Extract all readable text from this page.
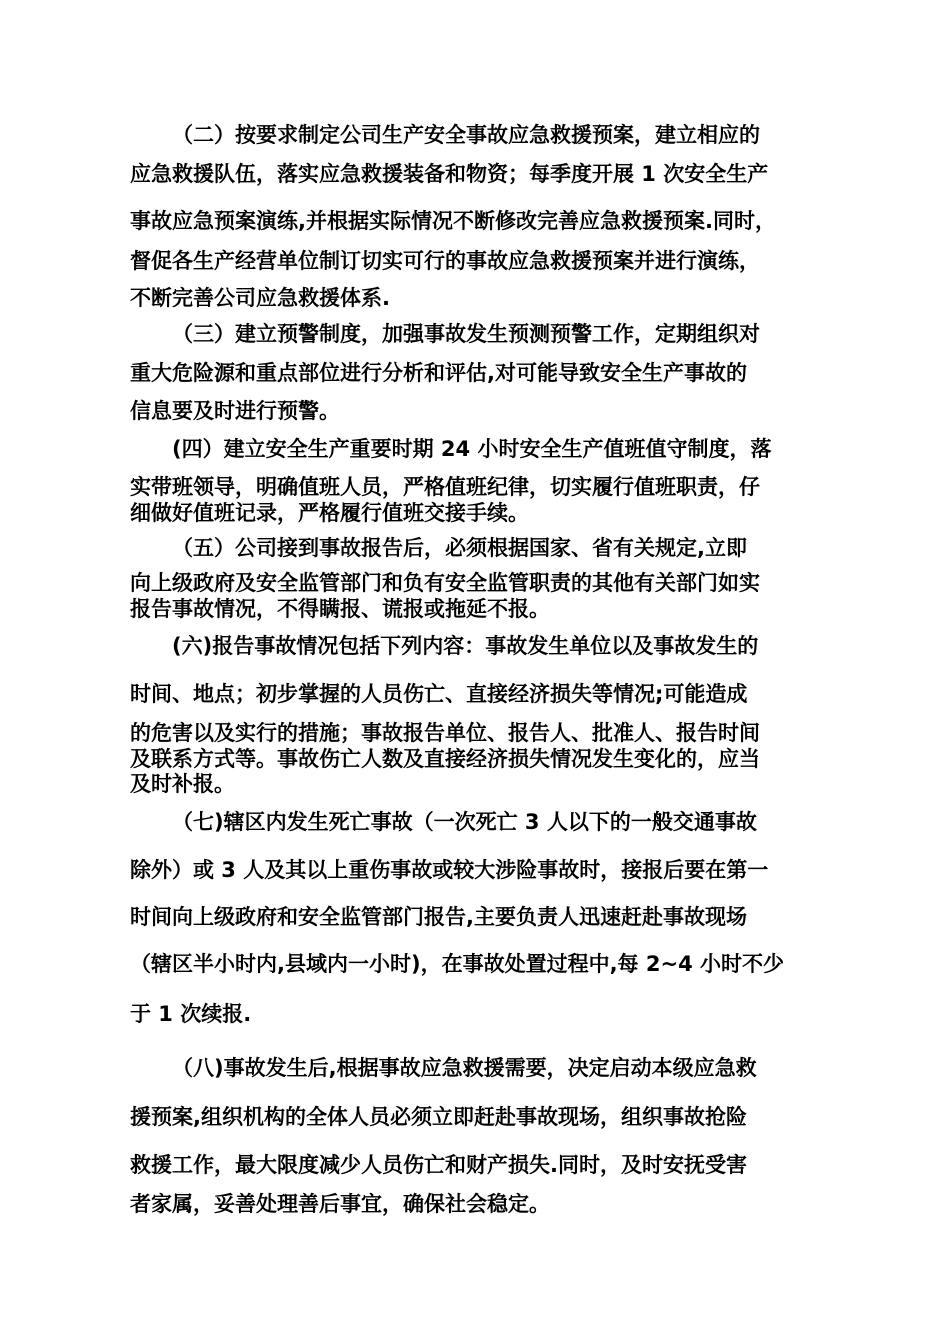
（二）按要求制定公司生产安全事故应急救援预案，建立相应的
应急救援队伍，落实应急救援装备和物资；每季度开展 1 次安全生产
事故应急预案演练,并根据实际情况不断修改完善应急救援预案.同时，
督促各生产经营单位制订切实可行的事故应急救援预案并进行演练，
不断完善公司应急救援体系.
（三）建立预警制度，加强事故发生预测预警工作，定期组织对
重大危险源和重点部位进行分析和评估,对可能导致安全生产事故的
信息要及时进行预警。
(四）建立安全生产重要时期 24 小时安全生产值班值守制度，落
实带班领导，明确值班人员，严格值班纪律，切实履行值班职责，仔
细做好值班记录，严格履行值班交接手续。
（五）公司接到事故报告后，必须根据国家、省有关规定,立即
向上级政府及安全监管部门和负有安全监管职责的其他有关部门如实
报告事故情况，不得瞒报、谎报或拖延不报。
(六)报告事故情况包括下列内容：事故发生单位以及事故发生的
时间、地点；初步掌握的人员伤亡、直接经济损失等情况;可能造成
的危害以及实行的措施；事故报告单位、报告人、批准人、报告时间
及联系方式等。事故伤亡人数及直接经济损失情况发生变化的，应当
及时补报。
（七)辖区内发生死亡事故（一次死亡 3 人以下的一般交通事故
除外）或 3 人及其以上重伤事故或较大涉险事故时，接报后要在第一
时间向上级政府和安全监管部门报告,主要负责人迅速赶赴事故现场
（辖区半小时内,县域内一小时)，在事故处置过程中,每 2~4 小时不少
于 1 次续报.
（八)事故发生后,根据事故应急救援需要，决定启动本级应急救
援预案,组织机构的全体人员必须立即赶赴事故现场，组织事故抢险
救援工作，最大限度减少人员伤亡和财产损失.同时，及时安抚受害
者家属，妥善处理善后事宜，确保社会稳定。
